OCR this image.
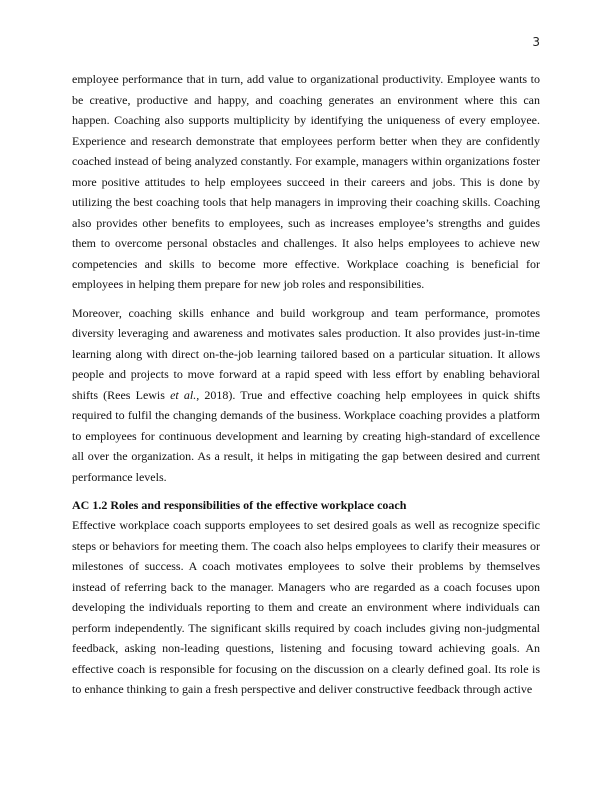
3

employee performance that in turn, add value to organizational productivity. Employee wants to be creative, productive and happy, and coaching generates an environment where this can happen. Coaching also supports multiplicity by identifying the uniqueness of every employee. Experience and research demonstrate that employees perform better when they are confidently coached instead of being analyzed constantly. For example, managers within organizations foster more positive attitudes to help employees succeed in their careers and jobs. This is done by utilizing the best coaching tools that help managers in improving their coaching skills. Coaching also provides other benefits to employees, such as increases employee’s strengths and guides them to overcome personal obstacles and challenges. It also helps employees to achieve new competencies and skills to become more effective. Workplace coaching is beneficial for employees in helping them prepare for new job roles and responsibilities.

Moreover, coaching skills enhance and build workgroup and team performance, promotes diversity leveraging and awareness and motivates sales production. It also provides just-in-time learning along with direct on-the-job learning tailored based on a particular situation. It allows people and projects to move forward at a rapid speed with less effort by enabling behavioral shifts (Rees Lewis et al., 2018). True and effective coaching help employees in quick shifts required to fulfil the changing demands of the business. Workplace coaching provides a platform to employees for continuous development and learning by creating high-standard of excellence all over the organization. As a result, it helps in mitigating the gap between desired and current performance levels.

AC 1.2 Roles and responsibilities of the effective workplace coach

Effective workplace coach supports employees to set desired goals as well as recognize specific steps or behaviors for meeting them. The coach also helps employees to clarify their measures or milestones of success. A coach motivates employees to solve their problems by themselves instead of referring back to the manager. Managers who are regarded as a coach focuses upon developing the individuals reporting to them and create an environment where individuals can perform independently. The significant skills required by coach includes giving non-judgmental feedback, asking non-leading questions, listening and focusing toward achieving goals. An effective coach is responsible for focusing on the discussion on a clearly defined goal. Its role is to enhance thinking to gain a fresh perspective and deliver constructive feedback through active
